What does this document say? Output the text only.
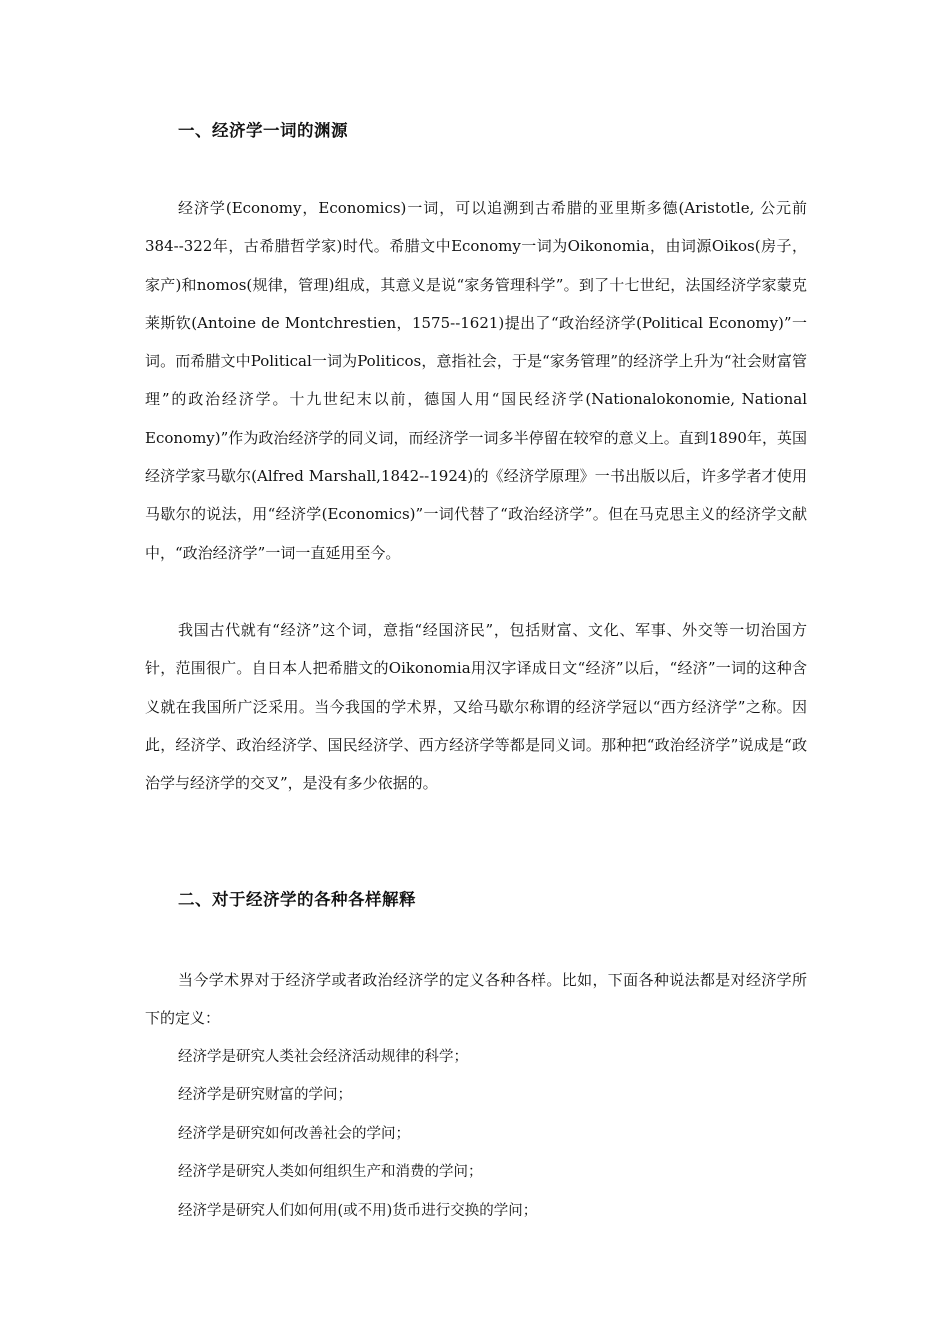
一、经济学一词的渊源

经济学(Economy，Economics)一词，可以追溯到古希腊的亚里斯多德(Aristotle, 公元前384--322年，古希腊哲学家)时代。希腊文中Economy一词为Oikonomia，由词源Oikos(房子，家产)和nomos(规律，管理)组成，其意义是说“家务管理科学”。到了十七世纪，法国经济学家蒙克莱斯钦(Antoine de Montchrestien，1575--1621)提出了“政治经济学(Political Economy)”一词。而希腊文中Political一词为Politicos，意指社会，于是“家务管理”的经济学上升为“社会财富管理”的政治经济学。十九世纪末以前，德国人用“国民经济学(Nationalokonomie, National Economy)”作为政治经济学的同义词，而经济学一词多半停留在较窄的意义上。直到1890年，英国经济学家马歇尔(Alfred Marshall,1842--1924)的《经济学原理》一书出版以后，许多学者才使用马歇尔的说法，用“经济学(Economics)”一词代替了“政治经济学”。但在马克思主义的经济学文献中，“政治经济学”一词一直延用至今。

我国古代就有“经济”这个词，意指“经国济民”，包括财富、文化、军事、外交等一切治国方针，范围很广。自日本人把希腊文的Oikonomia用汉字译成日文“经济”以后，“经济”一词的这种含义就在我国所广泛采用。当今我国的学术界，又给马歇尔称谓的经济学冠以“西方经济学”之称。因此，经济学、政治经济学、国民经济学、西方经济学等都是同义词。那种把“政治经济学”说成是“政治学与经济学的交叉”，是没有多少依据的。

二、对于经济学的各种各样解释

当今学术界对于经济学或者政治经济学的定义各种各样。比如，下面各种说法都是对经济学所下的定义：

经济学是研究人类社会经济活动规律的科学；
经济学是研究财富的学问；
经济学是研究如何改善社会的学问；
经济学是研究人类如何组织生产和消费的学问；
经济学是研究人们如何用(或不用)货币进行交换的学问；
